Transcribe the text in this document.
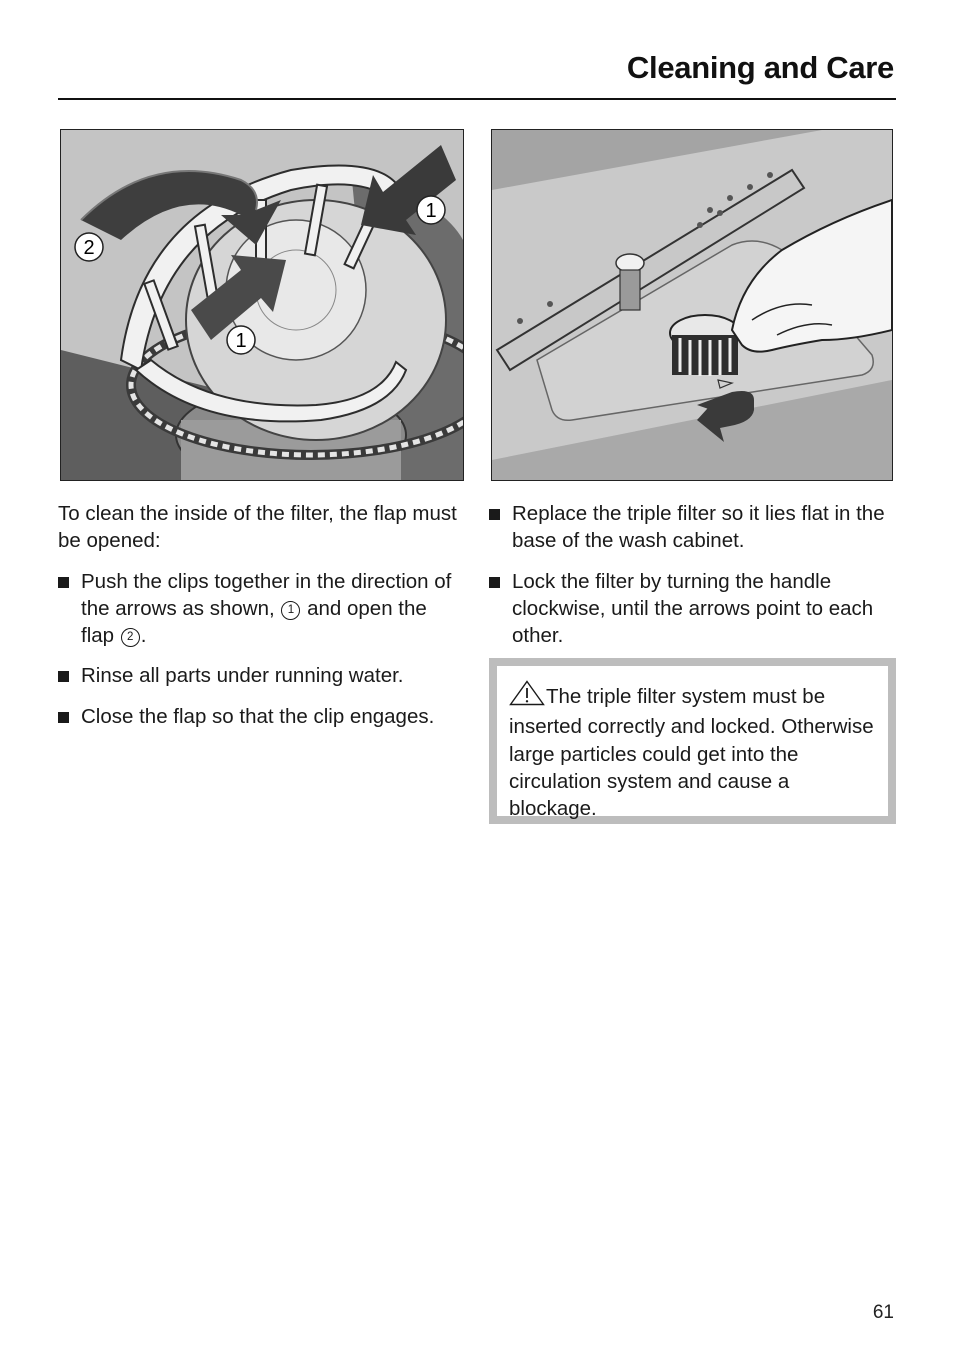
Cleaning and Care
2
1
1

To clean the inside of the filter, the flap must be opened:

Push the clips together in the direction of the arrows as shown, 1 and open the flap 2 .
Rinse all parts under running water.
Close the flap so that the clip engages.
Replace the triple filter so it lies flat in the base of the wash cabinet.
Lock the filter by turning the handle clockwise, until the arrows point to each other.
The triple filter system must be inserted correctly and locked. Otherwise large particles could get into the circulation system and cause a blockage.
61
